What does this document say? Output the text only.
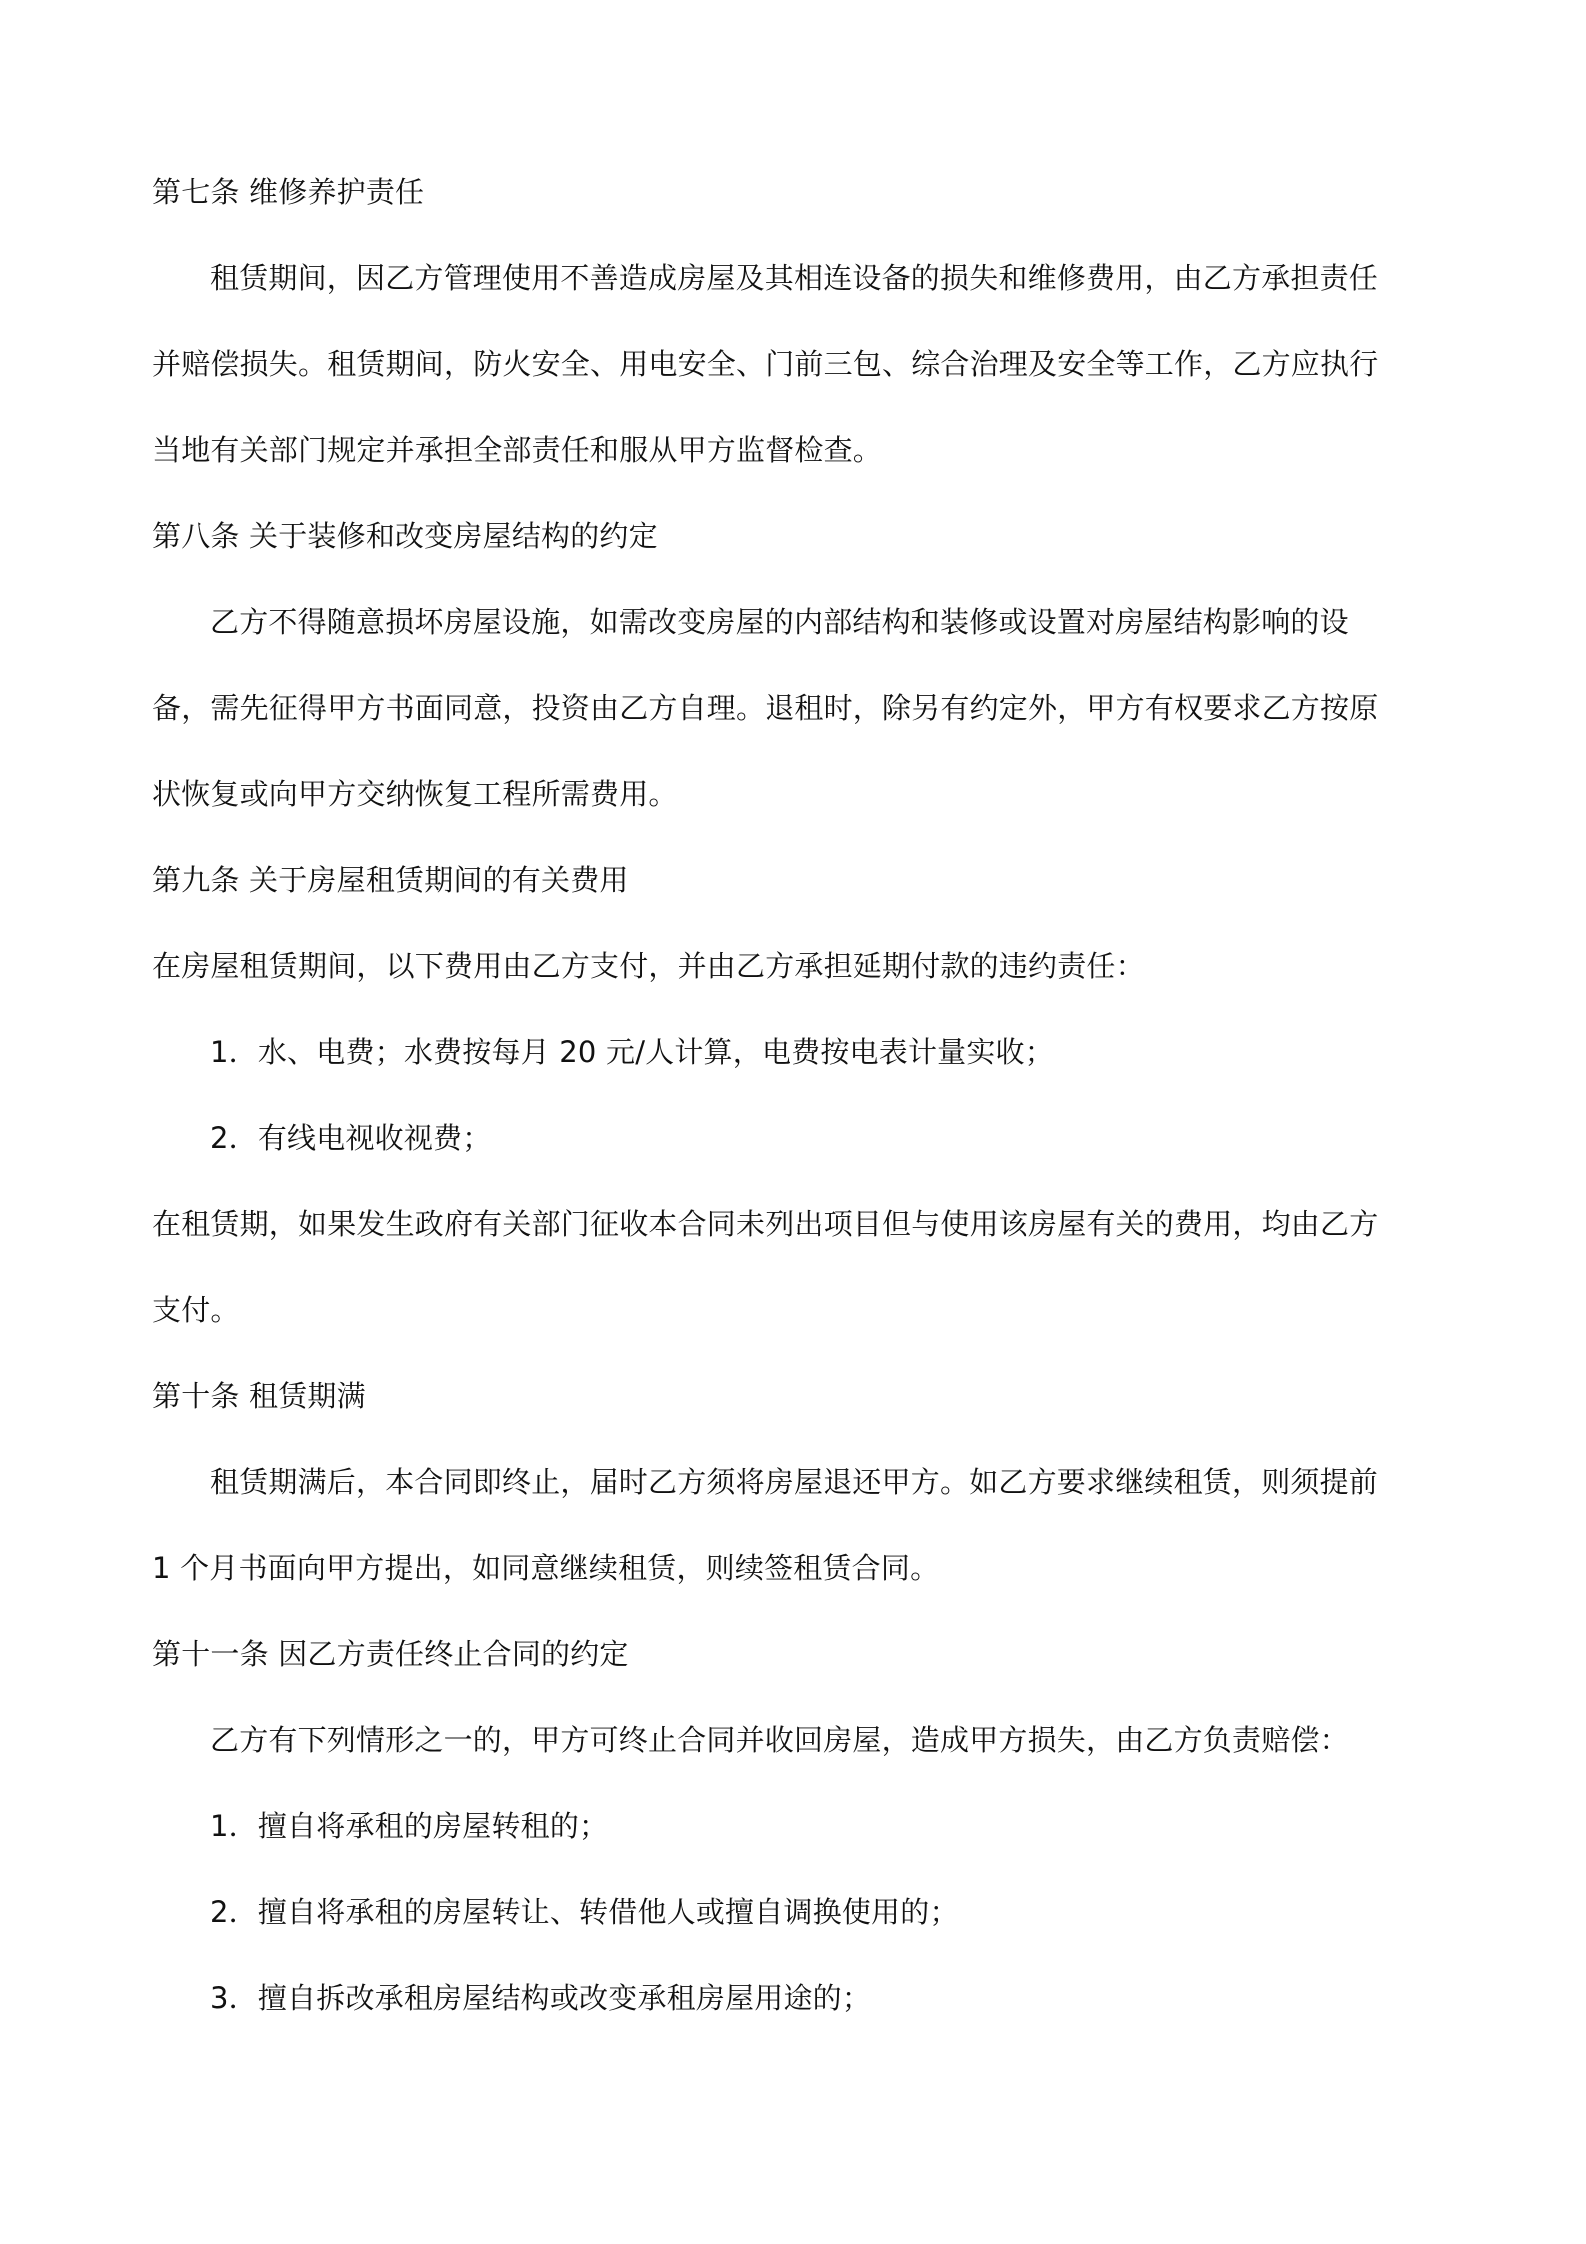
第七条 维修养护责任
租赁期间，因乙方管理使用不善造成房屋及其相连设备的损失和维修费用，由乙方承担责任
并赔偿损失。租赁期间，防火安全、用电安全、门前三包、综合治理及安全等工作，乙方应执行
当地有关部门规定并承担全部责任和服从甲方监督检查。
第八条 关于装修和改变房屋结构的约定
乙方不得随意损坏房屋设施，如需改变房屋的内部结构和装修或设置对房屋结构影响的设
备，需先征得甲方书面同意，投资由乙方自理。退租时，除另有约定外，甲方有权要求乙方按原
状恢复或向甲方交纳恢复工程所需费用。
第九条 关于房屋租赁期间的有关费用
在房屋租赁期间，以下费用由乙方支付，并由乙方承担延期付款的违约责任：
1．水、电费；水费按每月 20 元/人计算，电费按电表计量实收；
2．有线电视收视费；
在租赁期，如果发生政府有关部门征收本合同未列出项目但与使用该房屋有关的费用，均由乙方
支付。
第十条 租赁期满
租赁期满后，本合同即终止，届时乙方须将房屋退还甲方。如乙方要求继续租赁，则须提前
1 个月书面向甲方提出，如同意继续租赁，则续签租赁合同。
第十一条 因乙方责任终止合同的约定
乙方有下列情形之一的，甲方可终止合同并收回房屋，造成甲方损失，由乙方负责赔偿：
1．擅自将承租的房屋转租的；
2．擅自将承租的房屋转让、转借他人或擅自调换使用的；
3．擅自拆改承租房屋结构或改变承租房屋用途的；
